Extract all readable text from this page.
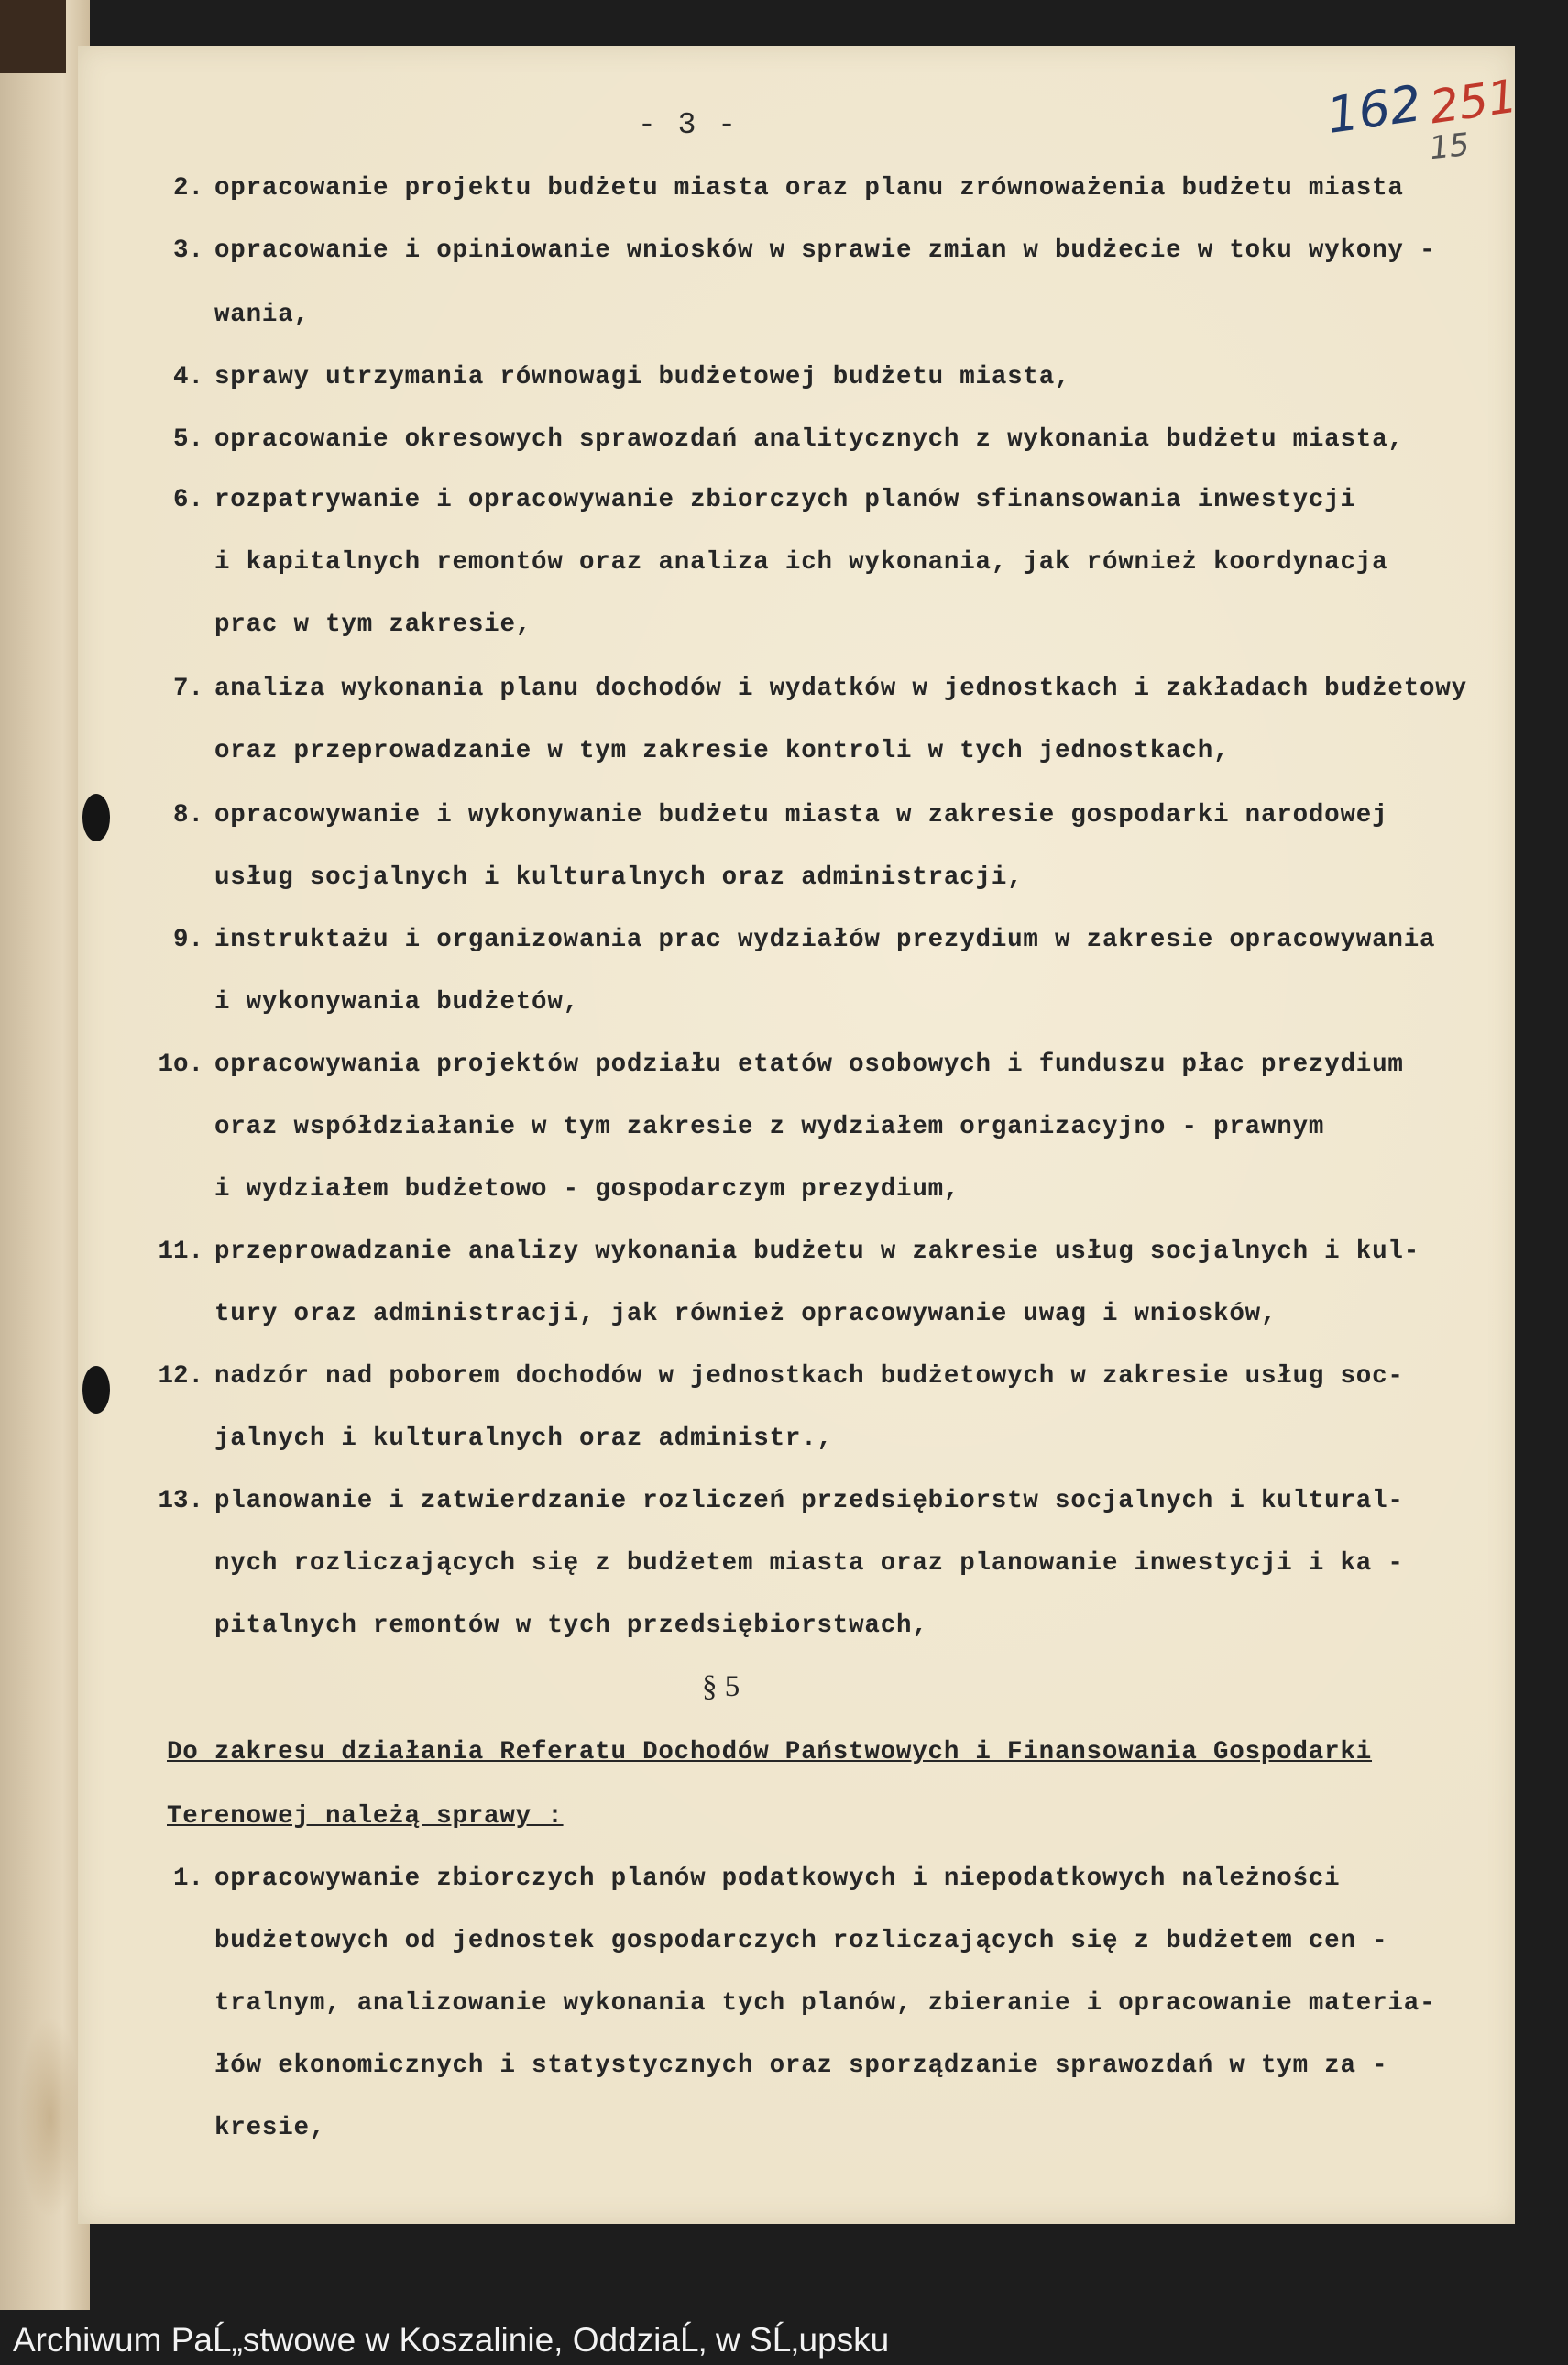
- 3 -	162 251
15
2. opracowanie projektu budżetu miasta oraz planu zrównoważenia budżetu miasta
3. opracowanie i opiniowanie wniosków w sprawie zmian w budżecie w toku wykony -
wania,
4. sprawy utrzymania równowagi budżetowej budżetu miasta,
5. opracowanie okresowych sprawozdań analitycznych z wykonania budżetu miasta,
6. rozpatrywanie i opracowywanie zbiorczych planów sfinansowania inwestycji
i kapitalnych remontów oraz analiza ich wykonania, jak również koordynacja
prac w tym zakresie,
7. analiza wykonania planu dochodów i wydatków w jednostkach i zakładach budżetowy
oraz przeprowadzanie w tym zakresie kontroli w tych jednostkach,
8. opracowywanie i wykonywanie budżetu miasta w zakresie gospodarki narodowej
usług socjalnych i kulturalnych oraz administracji,
9. instruktażu i organizowania prac wydziałów prezydium w zakresie opracowywania
i wykonywania budżetów,
1o. opracowywania projektów podziału etatów osobowych i funduszu płac prezydium
oraz współdziałanie w tym zakresie z wydziałem organizacyjno - prawnym
i wydziałem budżetowo - gospodarczym prezydium,
11. przeprowadzanie analizy wykonania budżetu w zakresie usług socjalnych i kul-
tury oraz administracji, jak również opracowywanie uwag i wniosków,
12. nadzór nad poborem dochodów w jednostkach budżetowych w zakresie usług soc-
jalnych i kulturalnych oraz administr.,
13. planowanie i zatwierdzanie rozliczeń przedsiębiorstw socjalnych i kultural-
nych rozliczających się z budżetem miasta oraz planowanie inwestycji i ka -
pitalnych remontów w tych przedsiębiorstwach,
§ 5
Do zakresu działania Referatu Dochodów Państwowych i Finansowania Gospodarki
Terenowej należą sprawy :
1. opracowywanie zbiorczych planów podatkowych i niepodatkowych należności
budżetowych od jednostek gospodarczych rozliczających się z budżetem cen -
tralnym, analizowanie wykonania tych planów, zbieranie i opracowanie materia-
łów ekonomicznych i statystycznych oraz sporządzanie sprawozdań w tym za -
kresie,
Archiwum PaĹ„stwowe w Koszalinie, OddziaĹ‚ w SĹ‚upsku
